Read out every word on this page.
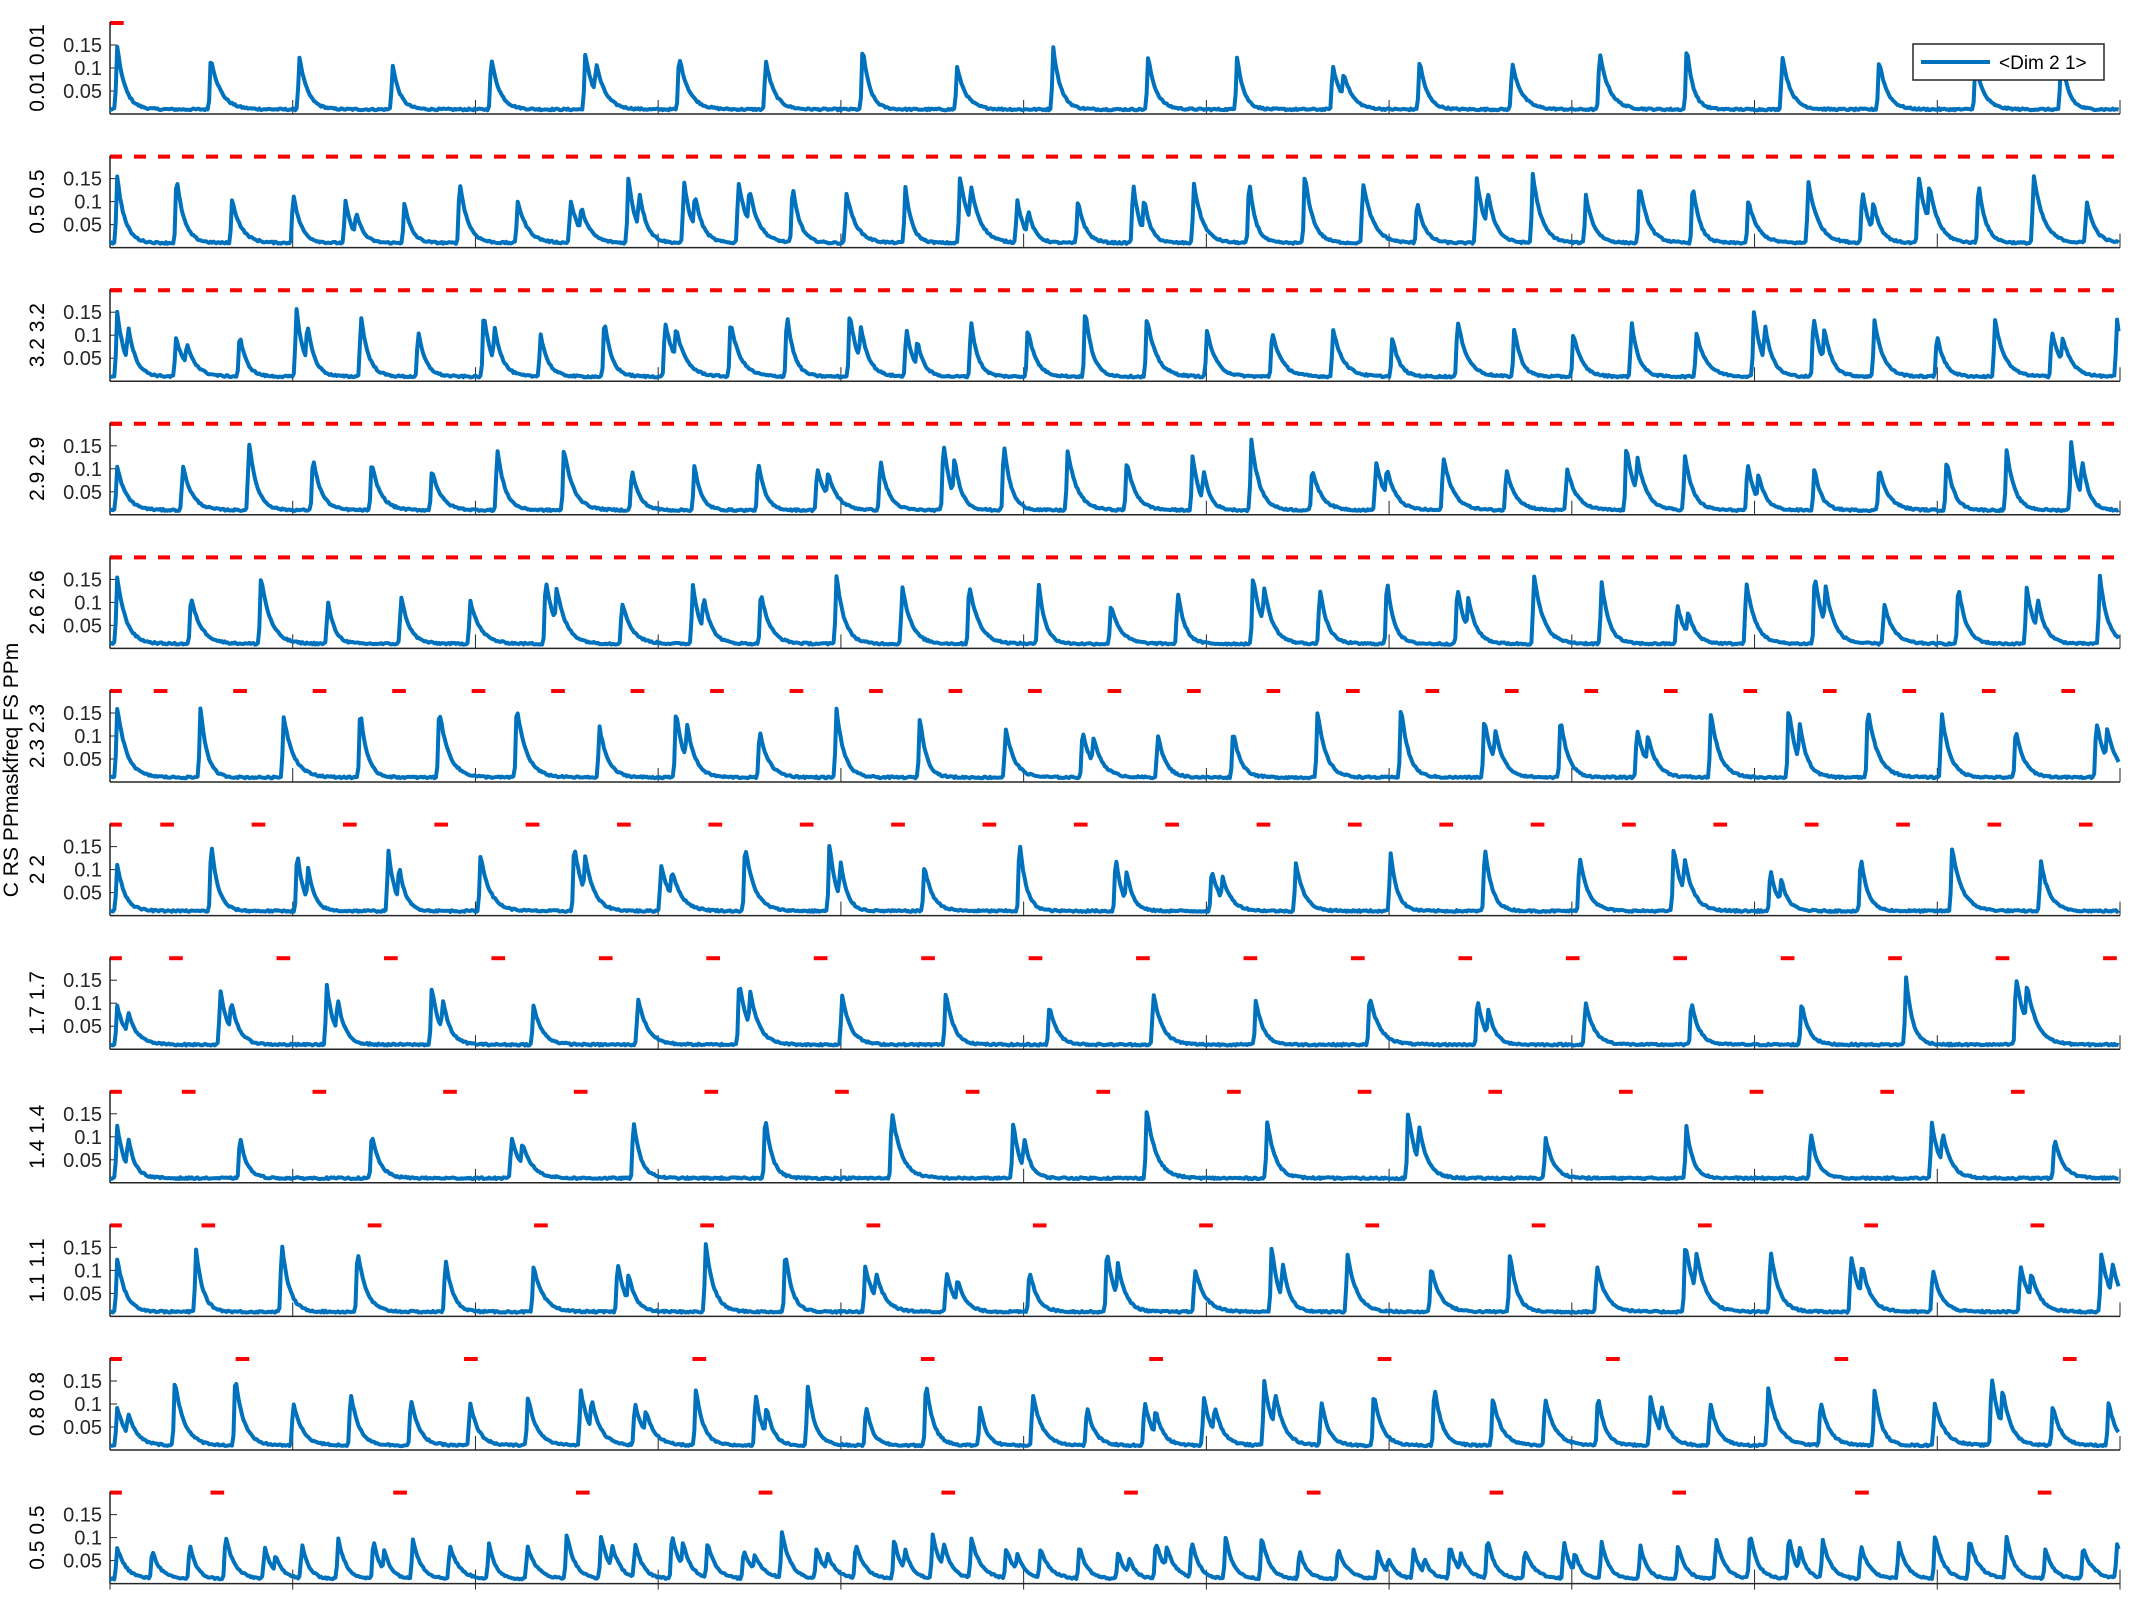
0.05
0.1
0.15
0.01 0.01
0.05
0.1
0.15
0.5 0.5
0.05
0.1
0.15
3.2 3.2
0.05
0.1
0.15
2.9 2.9
0.05
0.1
0.15
2.6 2.6
0.05
0.1
0.15
2.3 2.3
0.05
0.1
0.15
2 2
0.05
0.1
0.15
1.7 1.7
0.05
0.1
0.15
1.4 1.4
0.05
0.1
0.15
1.1 1.1
0.05
0.1
0.15
0.8 0.8
0.05
0.1
0.15
0.5 0.5
C RS PPmaskfreq FS PPm
<Dim 2 1>
